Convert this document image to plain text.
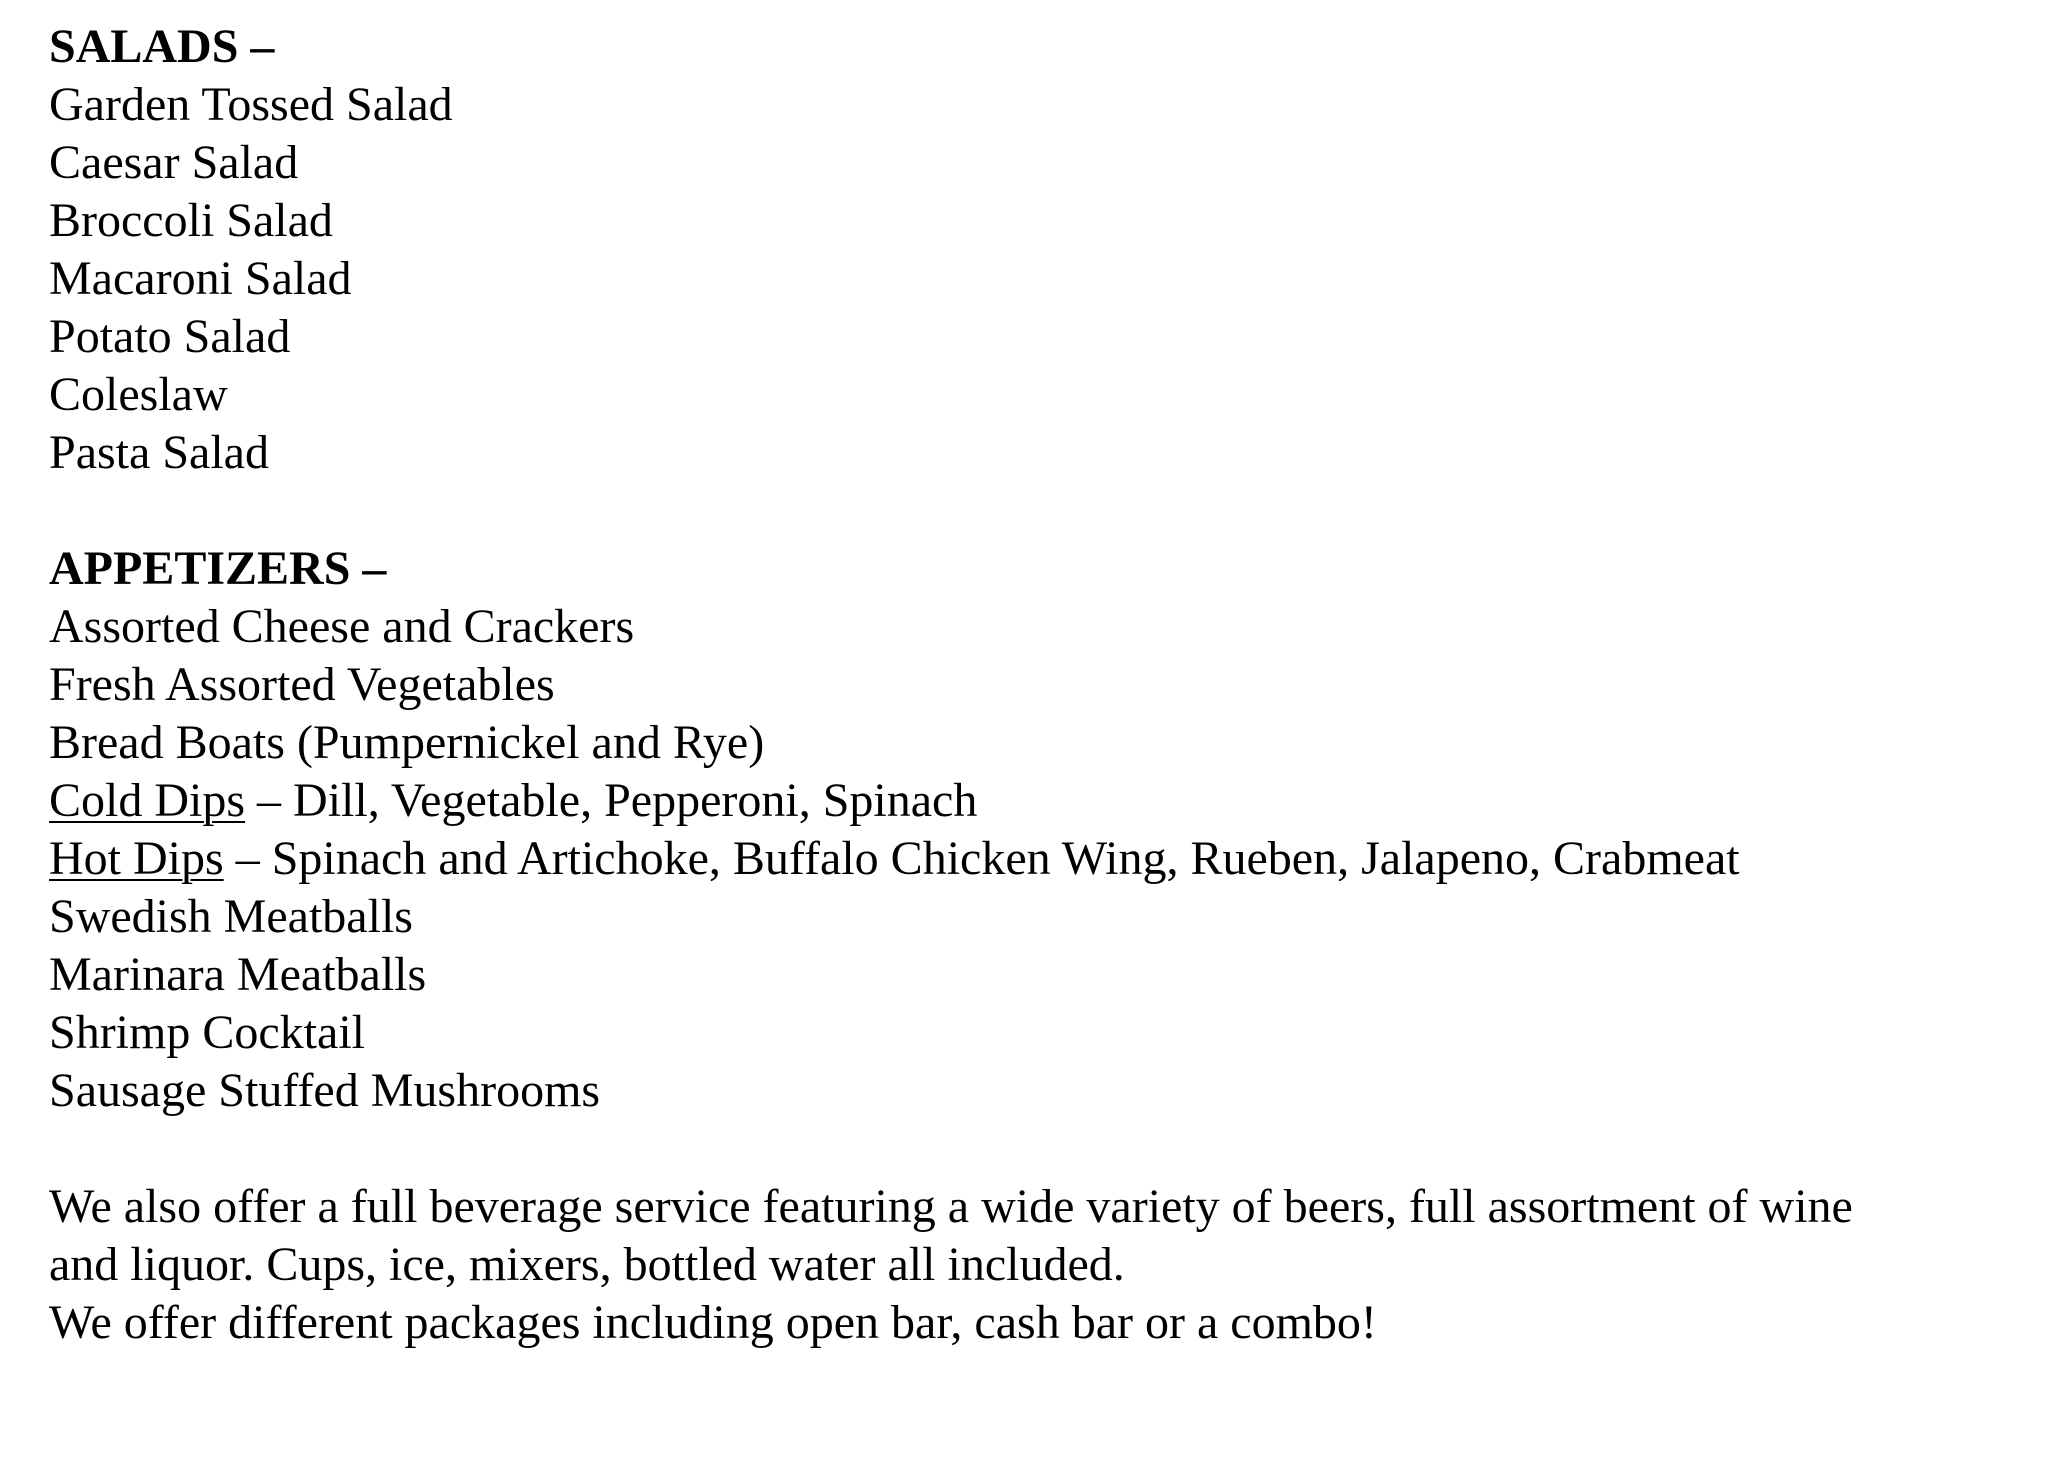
SALADS –

Garden Tossed Salad

Caesar Salad

Broccoli Salad

Macaroni Salad

Potato Salad

Coleslaw

Pasta Salad

APPETIZERS –

Assorted Cheese and Crackers

Fresh Assorted Vegetables

Bread Boats (Pumpernickel and Rye)

Cold Dips – Dill, Vegetable, Pepperoni, Spinach

Hot Dips – Spinach and Artichoke, Buffalo Chicken Wing, Rueben, Jalapeno, Crabmeat

Swedish Meatballs

Marinara Meatballs

Shrimp Cocktail

Sausage Stuffed Mushrooms

We also offer a full beverage service featuring a wide variety of beers, full assortment of wine

and liquor. Cups, ice, mixers, bottled water all included.

We offer different packages including open bar, cash bar or a combo!
